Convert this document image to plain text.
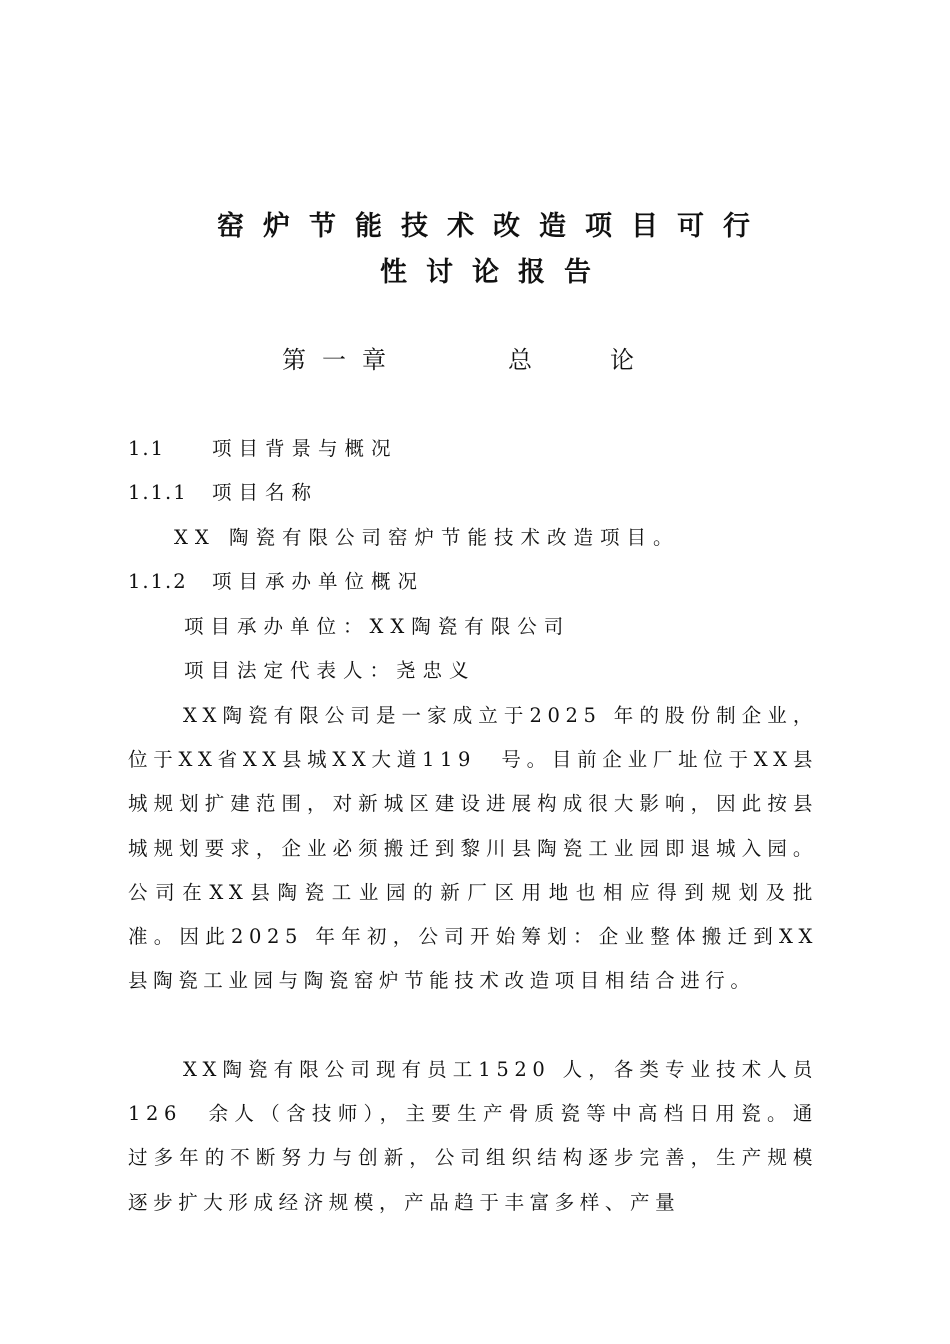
窑炉节能技术改造项目可行
性讨论报告
第一章	总论
1.1 项目背景与概况
1.1.1 项目名称
XX 陶瓷有限公司窑炉节能技术改造项目。
1.1.2 项目承办单位概况
项目承办单位：XX陶瓷有限公司
项目法定代表人：尧忠义
XX陶瓷有限公司是一家成立于2025 年的股份制企业，位于XX省XX县城XX大道119　号。目前企业厂址位于XX县城规划扩建范围，对新城区建设进展构成很大影响，因此按县城规划要求，企业必须搬迁到黎川县陶瓷工业园即退城入园。公司在XX县陶瓷工业园的新厂区用地也相应得到规划及批准。因此2025 年年初，公司开始筹划：企业整体搬迁到XX县陶瓷工业园与陶瓷窑炉节能技术改造项目相结合进行。
XX陶瓷有限公司现有员工1520 人，各类专业技术人员126　余人（含技师），主要生产骨质瓷等中高档日用瓷。通过多年的不断努力与创新，公司组织结构逐步完善，生产规模逐步扩大形成经济规模，产品趋于丰富多样、产量
